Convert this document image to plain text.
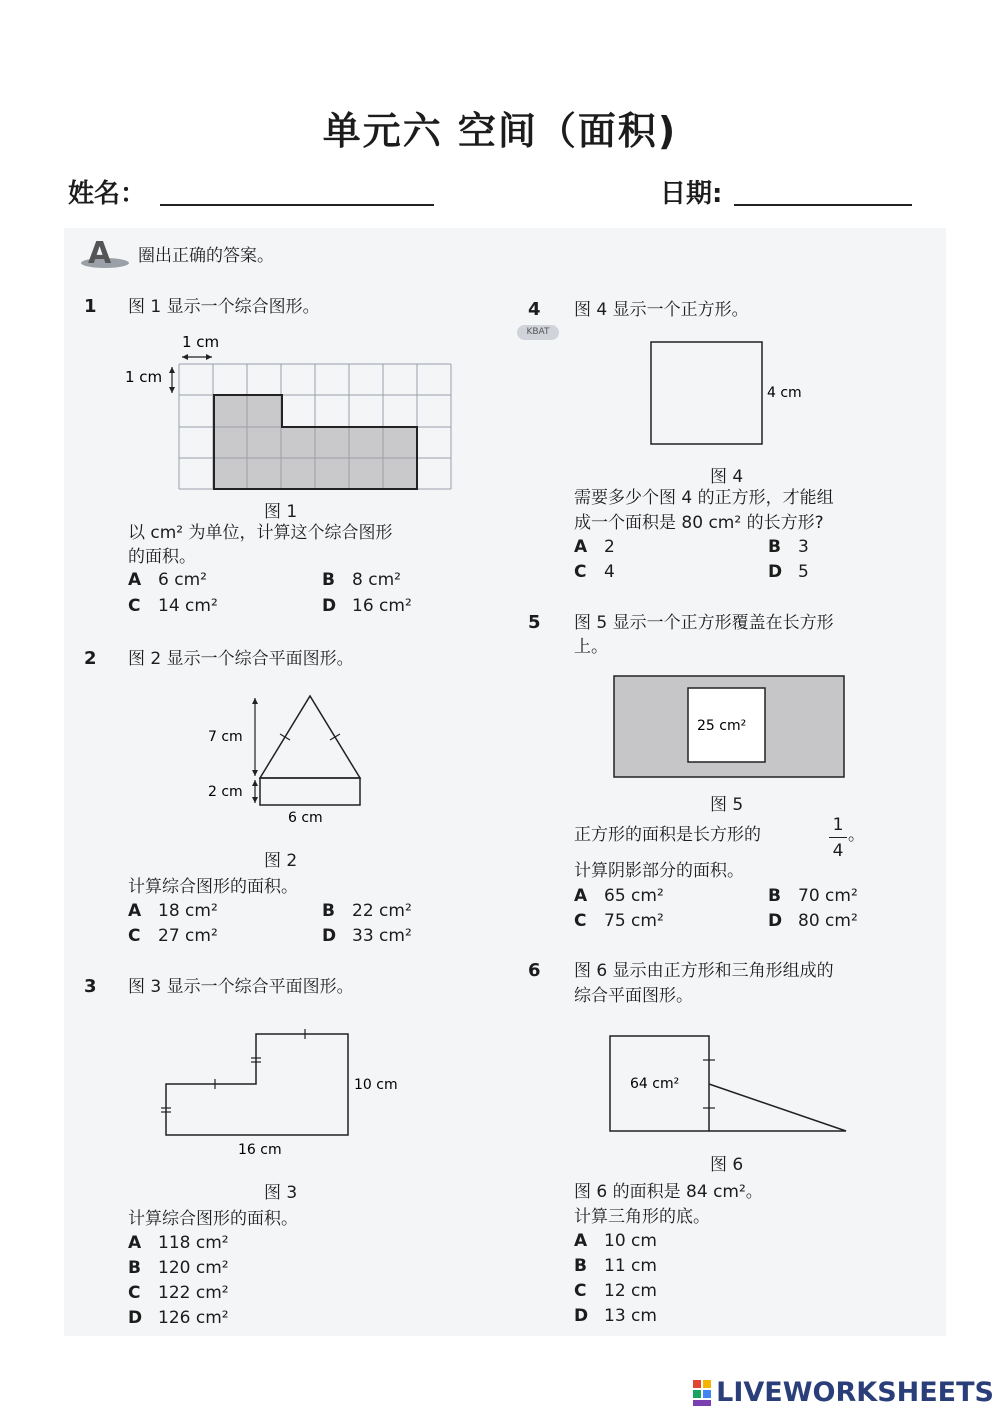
单元六 空间（面积)
姓名：	日期:
A 圈出正确的答案。
1 图 1 显示一个综合图形。
1 cm
1 cm
图 1
以 cm² 为单位，计算这个综合图形
的面积。
A 6 cm²	B 8 cm²
C 14 cm²	D 16 cm²
2 图 2 显示一个综合平面图形。
7 cm
2 cm
6 cm
图 2
计算综合图形的面积。
A 18 cm²	B 22 cm²
C 27 cm²	D 33 cm²
3 图 3 显示一个综合平面图形。
10 cm
16 cm
图 3
计算综合图形的面积。
A 118 cm²
B 120 cm²
C 122 cm²
D 126 cm²
4
KBAT
图 4 显示一个正方形。
4 cm
图 4
需要多少个图 4 的正方形，才能组
成一个面积是 80 cm² 的长方形?
A 2	B 3
C 4	D 5
5 图 5 显示一个正方形覆盖在长方形
上。
25 cm²
图 5
正方形的面积是长方形的	1
4
。
计算阴影部分的面积。
A 65 cm²	B 70 cm²
C 75 cm²	D 80 cm²
6 图 6 显示由正方形和三角形组成的
综合平面图形。
64 cm²
图 6
图 6 的面积是 84 cm²。
计算三角形的底。
A 10 cm
B 11 cm
C 12 cm
D 13 cm
LIVEWORKSHEETS
